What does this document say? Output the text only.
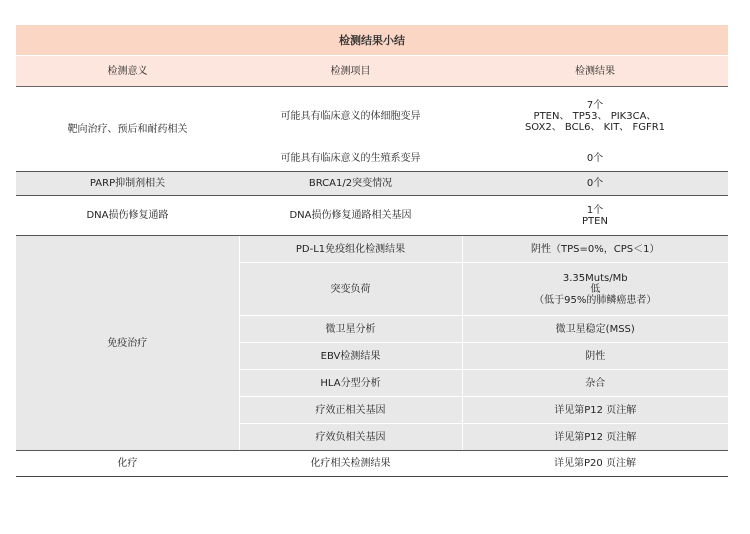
检测结果小结
检测意义	检测项目	检测结果
靶向治疗、预后和耐药相关	可能具有临床意义的体细胞变异	7个
PTEN、 TP53、 PIK3CA、
SOX2、 BCL6、 KIT、 FGFR1

	可能具有临床意义的生殖系变异	0个
PARP抑制剂相关	BRCA1/2突变情况	0个
DNA损伤修复通路	DNA损伤修复通路相关基因	1个
PTEN

免疫治疗	PD-L1免疫组化检测结果	阴性（TPS=0%，CPS＜1）
	突变负荷	3.35Muts/Mb
低
（低于95%的肺鳞癌患者）

	微卫星分析	微卫星稳定(MSS)
	EBV检测结果	阴性
	HLA分型分析	杂合
	疗效正相关基因	详见第P12 页注解
	疗效负相关基因	详见第P12 页注解
化疗	化疗相关检测结果	详见第P20 页注解
